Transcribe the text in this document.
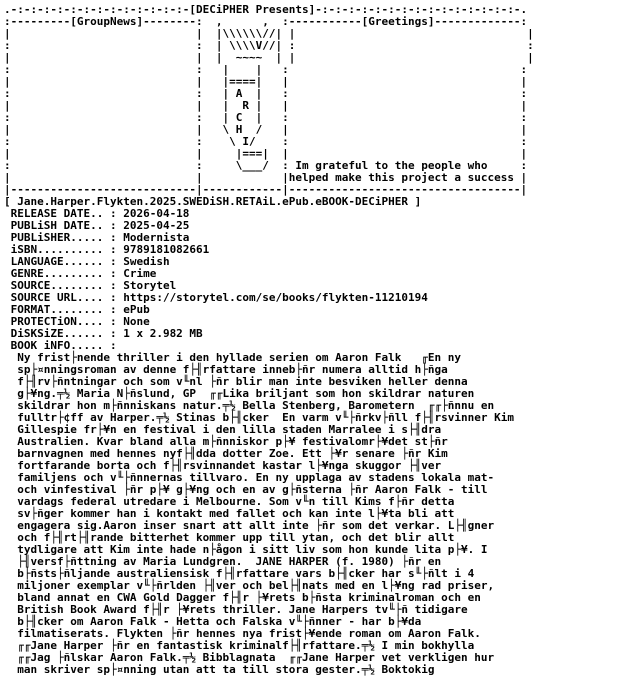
.-:-:-:-:-:-:-:-:-:-:-:-:-:-[DECiPHER Presents]-:-:-:-:-:-:-:-:-:-:-:-:-:-:-:-.
:---------[GroupNews]--------:  ,      ,  :-----------[Greetings]-------------:
|                            |  |\\\\\\//| |                                   |
:                            :  | \\\\V//| :                                   :
|                            |  |  ~~~~  | |                                   |
:                            :   |    |   :                                   :
|                            |   |====|   |                                   |
:                            :   | A  |   :                                   :
|                            |   |  R |   |                                   |
:                            :   | C  |   :                                   :
|                            |   \ H  /   |                                   |
:                            :    \ I/    :                                   :
|                            |     |===|  |                                   |
:                            :     \___/  : Im grateful to the people who     :
|                            |            |helped make this project a success |
|----------------------------|------------|-----------------------------------|
[ Jane.Harper.Flykten.2025.SWEDiSH.RETAiL.ePub.eBOOK-DECiPHER ]
RELEASE DATE.. : 2026-04-18
PUBLiSH DATE.. : 2025-04-25
PUBLiSHER..... : Modernista
iSBN.......... : 9789181082661
LANGUAGE...... : Swedish
GENRE......... : Crime
SOURCE........ : Storytel
SOURCE URL.... : https://storytel.com/se/books/flykten-11210194
FORMAT........ : ePub
PROTECTiON.... : None
DiSKSiZE...... : 1 x 2.982 MB
BOOK iNFO..... :
Ny frist├nende thriller i den hyllade serien om Aaron Falk   ╓En ny
sp├¤nningsroman av denne f├╢rfattare inneb├ñr numera alltid h├ñga
f├╢rv├ñntningar och som v╙nl ├ñr blir man inte besviken heller denna
g├¥ng.╤½ Maria N├ñslund, GP  ╓╓Lika briljant som hon skildrar naturen
skildrar hon m├ñnniskans natur.╤½ Bella Stenberg, Barometern  ╓╓├ñnnu en
fulltr├¢ff av Harper.╤½ Stinas b├╢cker  En varm v╙├ñrkv├ñll f├╢rsvinner Kim
Gillespie fr├¥n en festival i den lilla staden Marralee i s├╢dra
Australien. Kvar bland alla m├ñnniskor p├¥ festivalomr├¥det st├ñr
barnvagnen med hennes nyf├╢dda dotter Zoe. Ett ├¥r senare ├ñr Kim
fortfarande borta och f├╢rsvinnandet kastar l├¥nga skuggor ├╢ver
familjens och v╙├ñnnernas tillvaro. En ny upplaga av stadens lokala mat-
och vinfestival ├ñr p├¥ g├¥ng och en av g├ñsterna ├ñr Aaron Falk - till
vardags federal utredare i Melbourne. Som v╙n till Kims f├ñr detta
sv├ñger kommer han i kontakt med fallet och kan inte l├¥ta bli att
engagera sig.Aaron inser snart att allt inte ├ñr som det verkar. L├╢gner
och f├╢rt├╢rande bitterhet kommer upp till ytan, och det blir allt
tydligare att Kim inte hade n├ågon i sitt liv som hon kunde lita p├¥. I
├╢versf├ñttning av Maria Lundgren.  JANE HARPER (f. 1980) ├ñr en
b├ñsts├ñljande australiensisk f├╢rfattare vars b├╢cker har s╙├ñlt i 4
miljoner exemplar v╙├ñrlden ├╢ver och bel├╢nats med en l├¥ng rad priser,
bland annat en CWA Gold Dagger f├╢r ├¥rets b├ñsta kriminalroman och en
British Book Award f├╢r ├¥rets thriller. Jane Harpers tv╙├ñ tidigare
b├╢cker om Aaron Falk - Hetta och Falska v╙├ñnner - har b├¥da
filmatiserats. Flykten ├ñr hennes nya frist├¥ende roman om Aaron Falk.
╓╓Jane Harper ├ñr en fantastisk kriminalf├╢rfattare.╤½ I min bokhylla
╓╓Jag ├ñlskar Aaron Falk.╤½ Bibblagnata  ╓╓Jane Harper vet verkligen hur
man skriver sp├¤nning utan att ta till stora gester.╤½ Boktokig
